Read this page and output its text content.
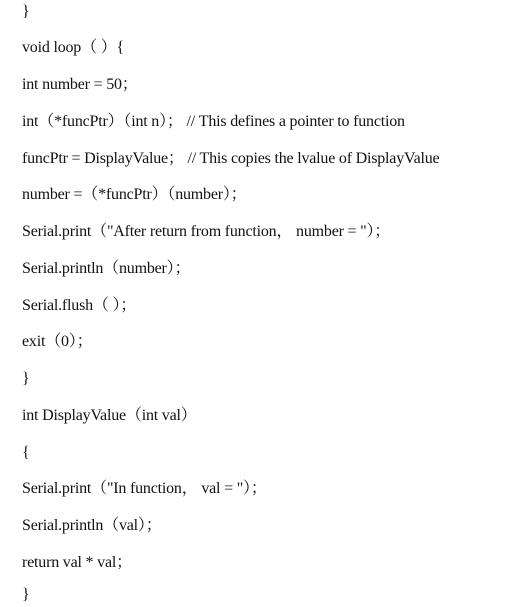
}

void loop（ ）{

int number = 50；

int（*funcPtr）（int n）； // This defines a pointer to function

funcPtr = DisplayValue； // This copies the lvalue of DisplayValue

number =（*funcPtr）（number）；

Serial.print（"After return from function， number = "）；

Serial.println（number）；

Serial.flush（ ）；

exit（0）；

}

int DisplayValue（int val）

{

Serial.print（"In function， val = "）；

Serial.println（val）；

return val * val；

}
